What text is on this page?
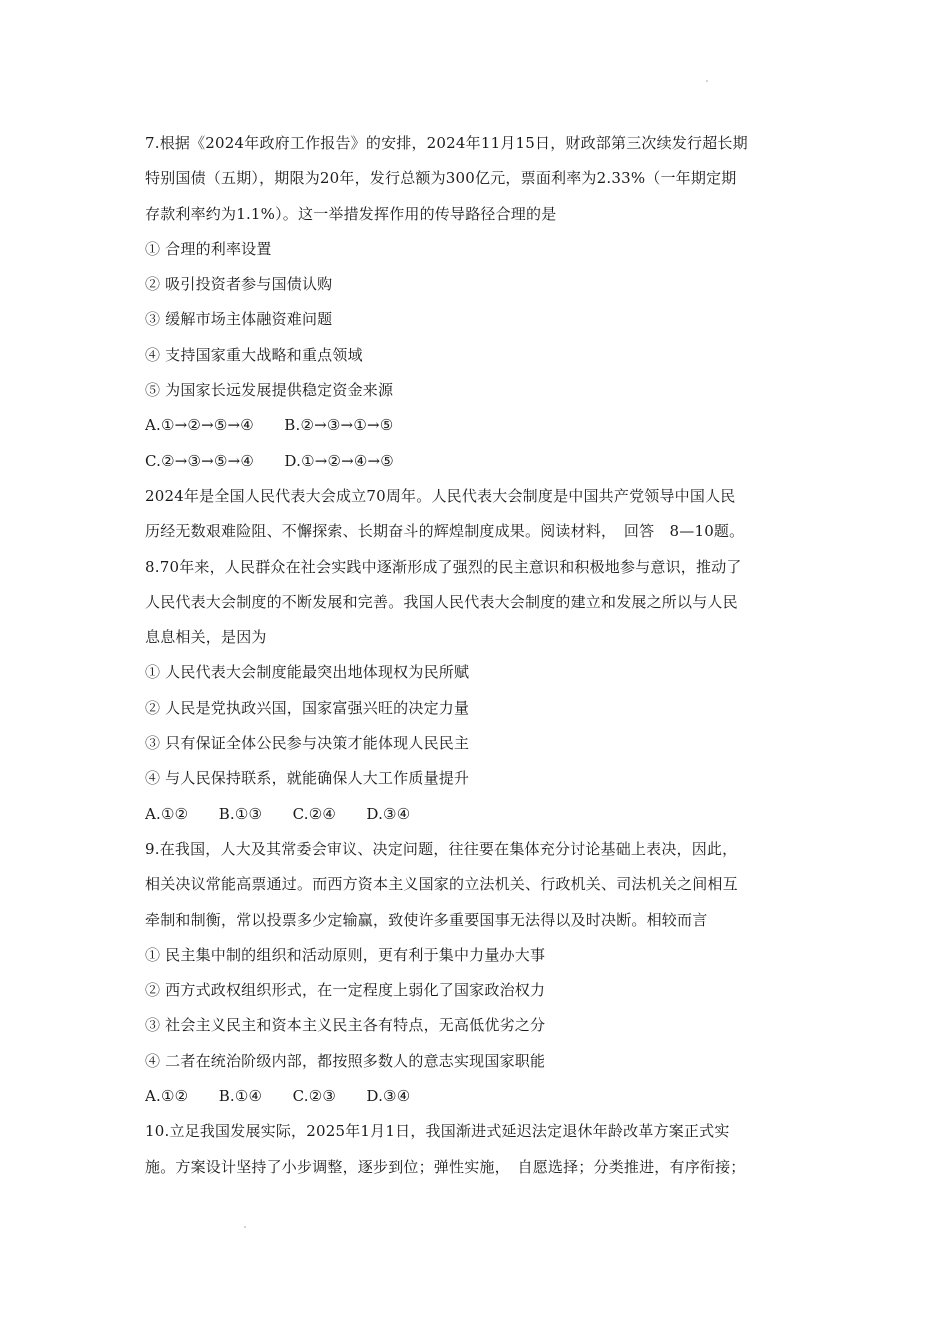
7.根据《2024年政府工作报告》的安排，2024年11月15日，财政部第三次续发行超长期
特别国债（五期），期限为20年，发行总额为300亿元，票面利率为2.33%（一年期定期
存款利率约为1.1%）。这一举措发挥作用的传导路径合理的是
① 合理的利率设置
② 吸引投资者参与国债认购
③ 缓解市场主体融资难问题
④ 支持国家重大战略和重点领域
⑤ 为国家长远发展提供稳定资金来源
A.①→②→⑤→④　　B.②→③→①→⑤
C.②→③→⑤→④　　D.①→②→④→⑤
2024年是全国人民代表大会成立70周年。人民代表大会制度是中国共产党领导中国人民
历经无数艰难险阻、不懈探索、长期奋斗的辉煌制度成果。阅读材料，　回答　8—10题。
8.70年来，人民群众在社会实践中逐渐形成了强烈的民主意识和积极地参与意识，推动了
人民代表大会制度的不断发展和完善。我国人民代表大会制度的建立和发展之所以与人民
息息相关，是因为
① 人民代表大会制度能最突出地体现权为民所赋
② 人民是党执政兴国，国家富强兴旺的决定力量
③ 只有保证全体公民参与决策才能体现人民民主
④ 与人民保持联系，就能确保人大工作质量提升
A.①②　　B.①③　　C.②④　　D.③④
9.在我国，人大及其常委会审议、决定问题，往往要在集体充分讨论基础上表决，因此，
相关决议常能高票通过。而西方资本主义国家的立法机关、行政机关、司法机关之间相互
牵制和制衡，常以投票多少定输赢，致使许多重要国事无法得以及时决断。相较而言
① 民主集中制的组织和活动原则，更有利于集中力量办大事
② 西方式政权组织形式，在一定程度上弱化了国家政治权力
③ 社会主义民主和资本主义民主各有特点，无高低优劣之分
④ 二者在统治阶级内部，都按照多数人的意志实现国家职能
A.①②　　B.①④　　C.②③　　D.③④
10.立足我国发展实际，2025年1月1日，我国渐进式延迟法定退休年龄改革方案正式实
施。方案设计坚持了小步调整，逐步到位；弹性实施，　自愿选择；分类推进，有序衔接；
